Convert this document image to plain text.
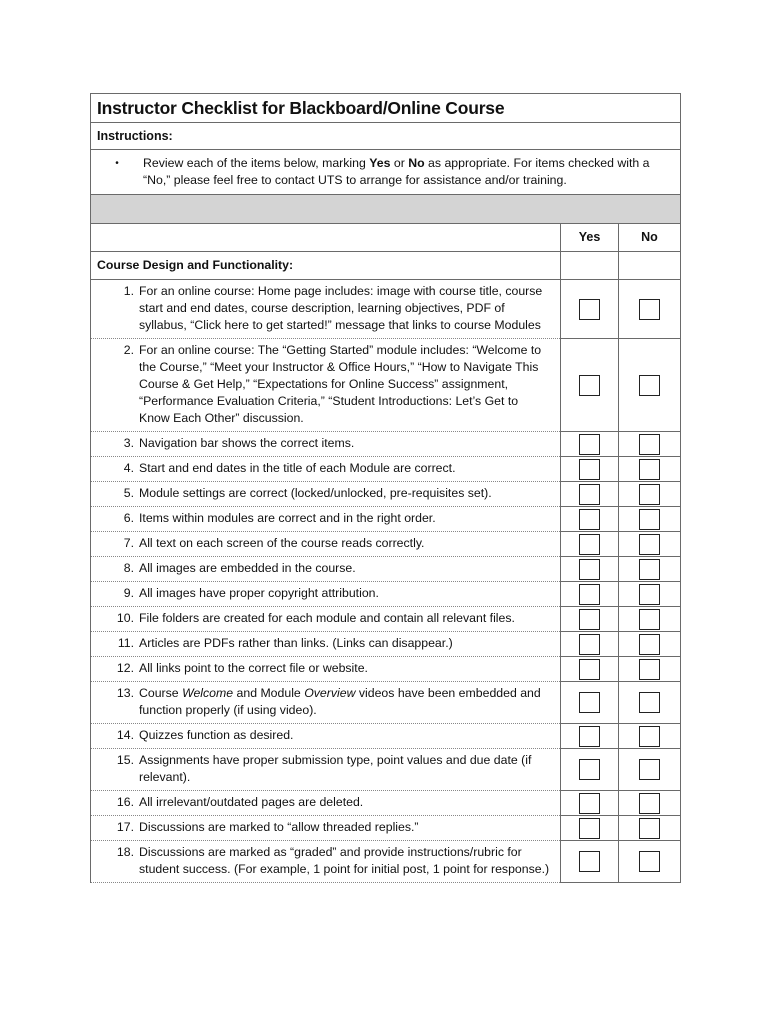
Instructor Checklist for Blackboard/Online Course		
Instructions:		

• Review each of the items below, marking Yes or No as appropriate. For items checked with a “No,” please feel free to contact UTS to arrange for assistance and/or training.		

	Yes	No
Course Design and Functionality:		

1. For an online course: Home page includes: image with course title, course start and end dates, course description, learning objectives, PDF of syllabus, “Click here to get started!” message that links to course Modules		

2. For an online course: The “Getting Started” module includes: “Welcome to the Course,” “Meet your Instructor & Office Hours,” “How to Navigate This Course & Get Help,” “Expectations for Online Success” assignment, “Performance Evaluation Criteria,” “Student Introductions: Let’s Get to Know Each Other” discussion.		

3. Navigation bar shows the correct items.		

4. Start and end dates in the title of each Module are correct.		

5. Module settings are correct (locked/unlocked, pre-requisites set).		

6. Items within modules are correct and in the right order.		

7. All text on each screen of the course reads correctly.		

8. All images are embedded in the course.		

9. All images have proper copyright attribution.		

10. File folders are created for each module and contain all relevant files.		

11. Articles are PDFs rather than links. (Links can disappear.)		

12. All links point to the correct file or website.		

13. Course Welcome and Module Overview videos have been embedded and function properly (if using video).		

14. Quizzes function as desired.		

15. Assignments have proper submission type, point values and due date (if relevant).		

16. All irrelevant/outdated pages are deleted.		

17. Discussions are marked to “allow threaded replies.”		

18. Discussions are marked as “graded” and provide instructions/rubric for student success. (For example, 1 point for initial post, 1 point for response.)		
